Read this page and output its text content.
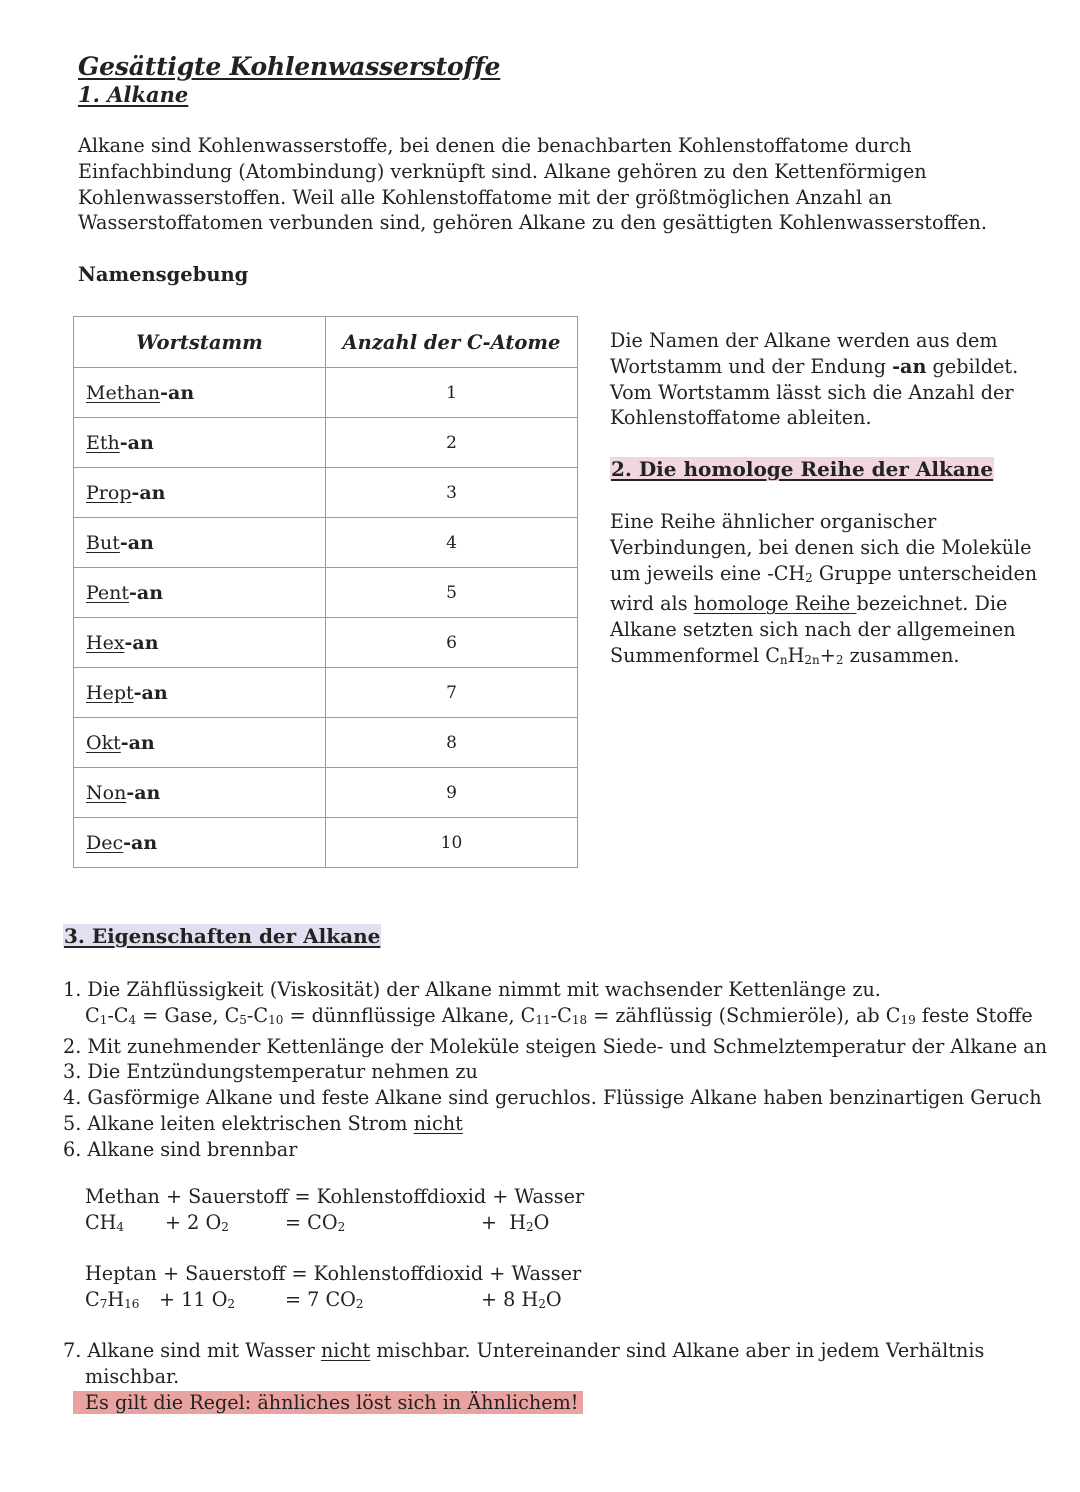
Gesättigte Kohlenwasserstoffe
1. Alkane
Alkane sind Kohlenwasserstoffe, bei denen die benachbarten Kohlenstoffatome durch Einfachbindung (Atombindung) verknüpft sind. Alkane gehören zu den Kettenförmigen Kohlenwasserstoffen. Weil alle Kohlenstoffatome mit der größtmöglichen Anzahl an Wasserstoffatomen verbunden sind, gehören Alkane zu den gesättigten Kohlenwasserstoffen.
Namensgebung
Wortstamm	Anzahl der C-Atome
Methan-an	1
Eth-an	2
Prop-an	3
But-an	4
Pent-an	5
Hex-an	6
Hept-an	7
Okt-an	8
Non-an	9
Dec-an	10
Die Namen der Alkane werden aus dem Wortstamm und der Endung -an gebildet. Vom Wortstamm lässt sich die Anzahl der Kohlenstoffatome ableiten.
2. Die homologe Reihe der Alkane
Eine Reihe ähnlicher organischer Verbindungen, bei denen sich die Moleküle um jeweils eine $-CH_2$ Gruppe unterscheiden wird als homologe Reihe bezeichnet. Die Alkane setzten sich nach der allgemeinen Summenformel $C_nH_{2n}+_2$ zusammen.
3. Eigenschaften der Alkane
1. Die Zähflüssigkeit (Viskosität) der Alkane nimmt mit wachsender Kettenlänge zu.
$C_1-C_4$ = Gase, $C_5-C_{10}$ = dünnflüssige Alkane, $C_{11}-C_{18}$ = zähflüssig (Schmieröle), ab $C_{19}$ feste Stoffe
2. Mit zunehmender Kettenlänge der Moleküle steigen Siede- und Schmelztemperatur der Alkane an
3. Die Entzündungstemperatur nehmen zu
4. Gasförmige Alkane und feste Alkane sind geruchlos. Flüssige Alkane haben benzinartigen Geruch
5. Alkane leiten elektrischen Strom nicht
6. Alkane sind brennbar
Methan + Sauerstoff = Kohlenstoffdioxid + Wasser
$CH_4$	+ 2 $O_2$	= $CO_2$	+  $H_2O$
Heptan + Sauerstoff = Kohlenstoffdioxid + Wasser
$C_7H_{16}$	+ 11 $O_2$	= 7 $CO_2$	+ 8 $H_2O$
7. Alkane sind mit Wasser nicht mischbar. Untereinander sind Alkane aber in jedem Verhältnis mischbar.
Es gilt die Regel: ähnliches löst sich in Ähnlichem!
